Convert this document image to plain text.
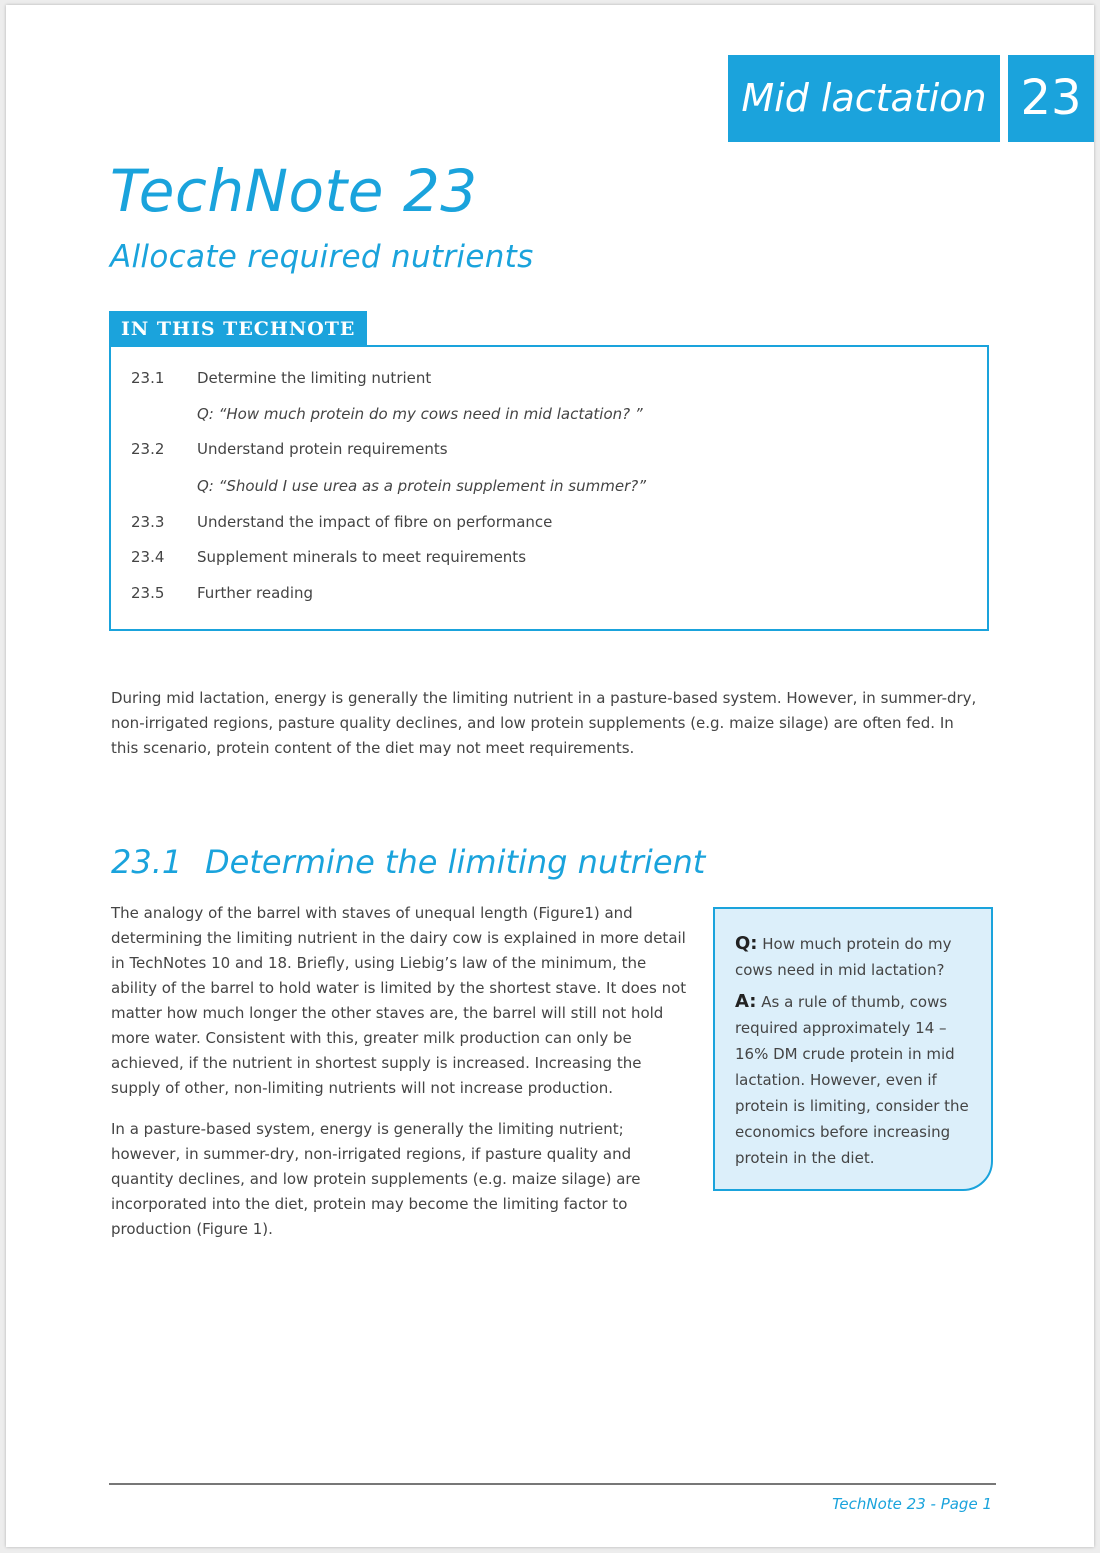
Mid lactation 23
TechNote 23
Allocate required nutrients
IN THIS TECHNOTE
23.1 Determine the limiting nutrient
Q: “How much protein do my cows need in mid lactation? ”
23.2 Understand protein requirements
Q: “Should I use urea as a protein supplement in summer?”
23.3 Understand the impact of fibre on performance
23.4 Supplement minerals to meet requirements
23.5 Further reading
During mid lactation, energy is generally the limiting nutrient in a pasture-based system. However, in summer-dry, non-irrigated regions, pasture quality declines, and low protein supplements (e.g. maize silage) are often fed. In this scenario, protein content of the diet may not meet requirements.
23.1 Determine the limiting nutrient
The analogy of the barrel with staves of unequal length (Figure1) and determining the limiting nutrient in the dairy cow is explained in more detail in TechNotes 10 and 18. Briefly, using Liebig’s law of the minimum, the ability of the barrel to hold water is limited by the shortest stave. It does not matter how much longer the other staves are, the barrel will still not hold more water. Consistent with this, greater milk production can only be achieved, if the nutrient in shortest supply is increased. Increasing the supply of other, non-limiting nutrients will not increase production.
In a pasture-based system, energy is generally the limiting nutrient; however, in summer-dry, non-irrigated regions, if pasture quality and quantity declines, and low protein supplements (e.g. maize silage) are incorporated into the diet, protein may become the limiting factor to production (Figure 1).

Q: How much protein do my cows need in mid lactation?

A: As a rule of thumb, cows required approximately 14 – 16% DM crude protein in mid lactation. However, even if protein is limiting, consider the economics before increasing protein in the diet.

TechNote 23 - Page 1
